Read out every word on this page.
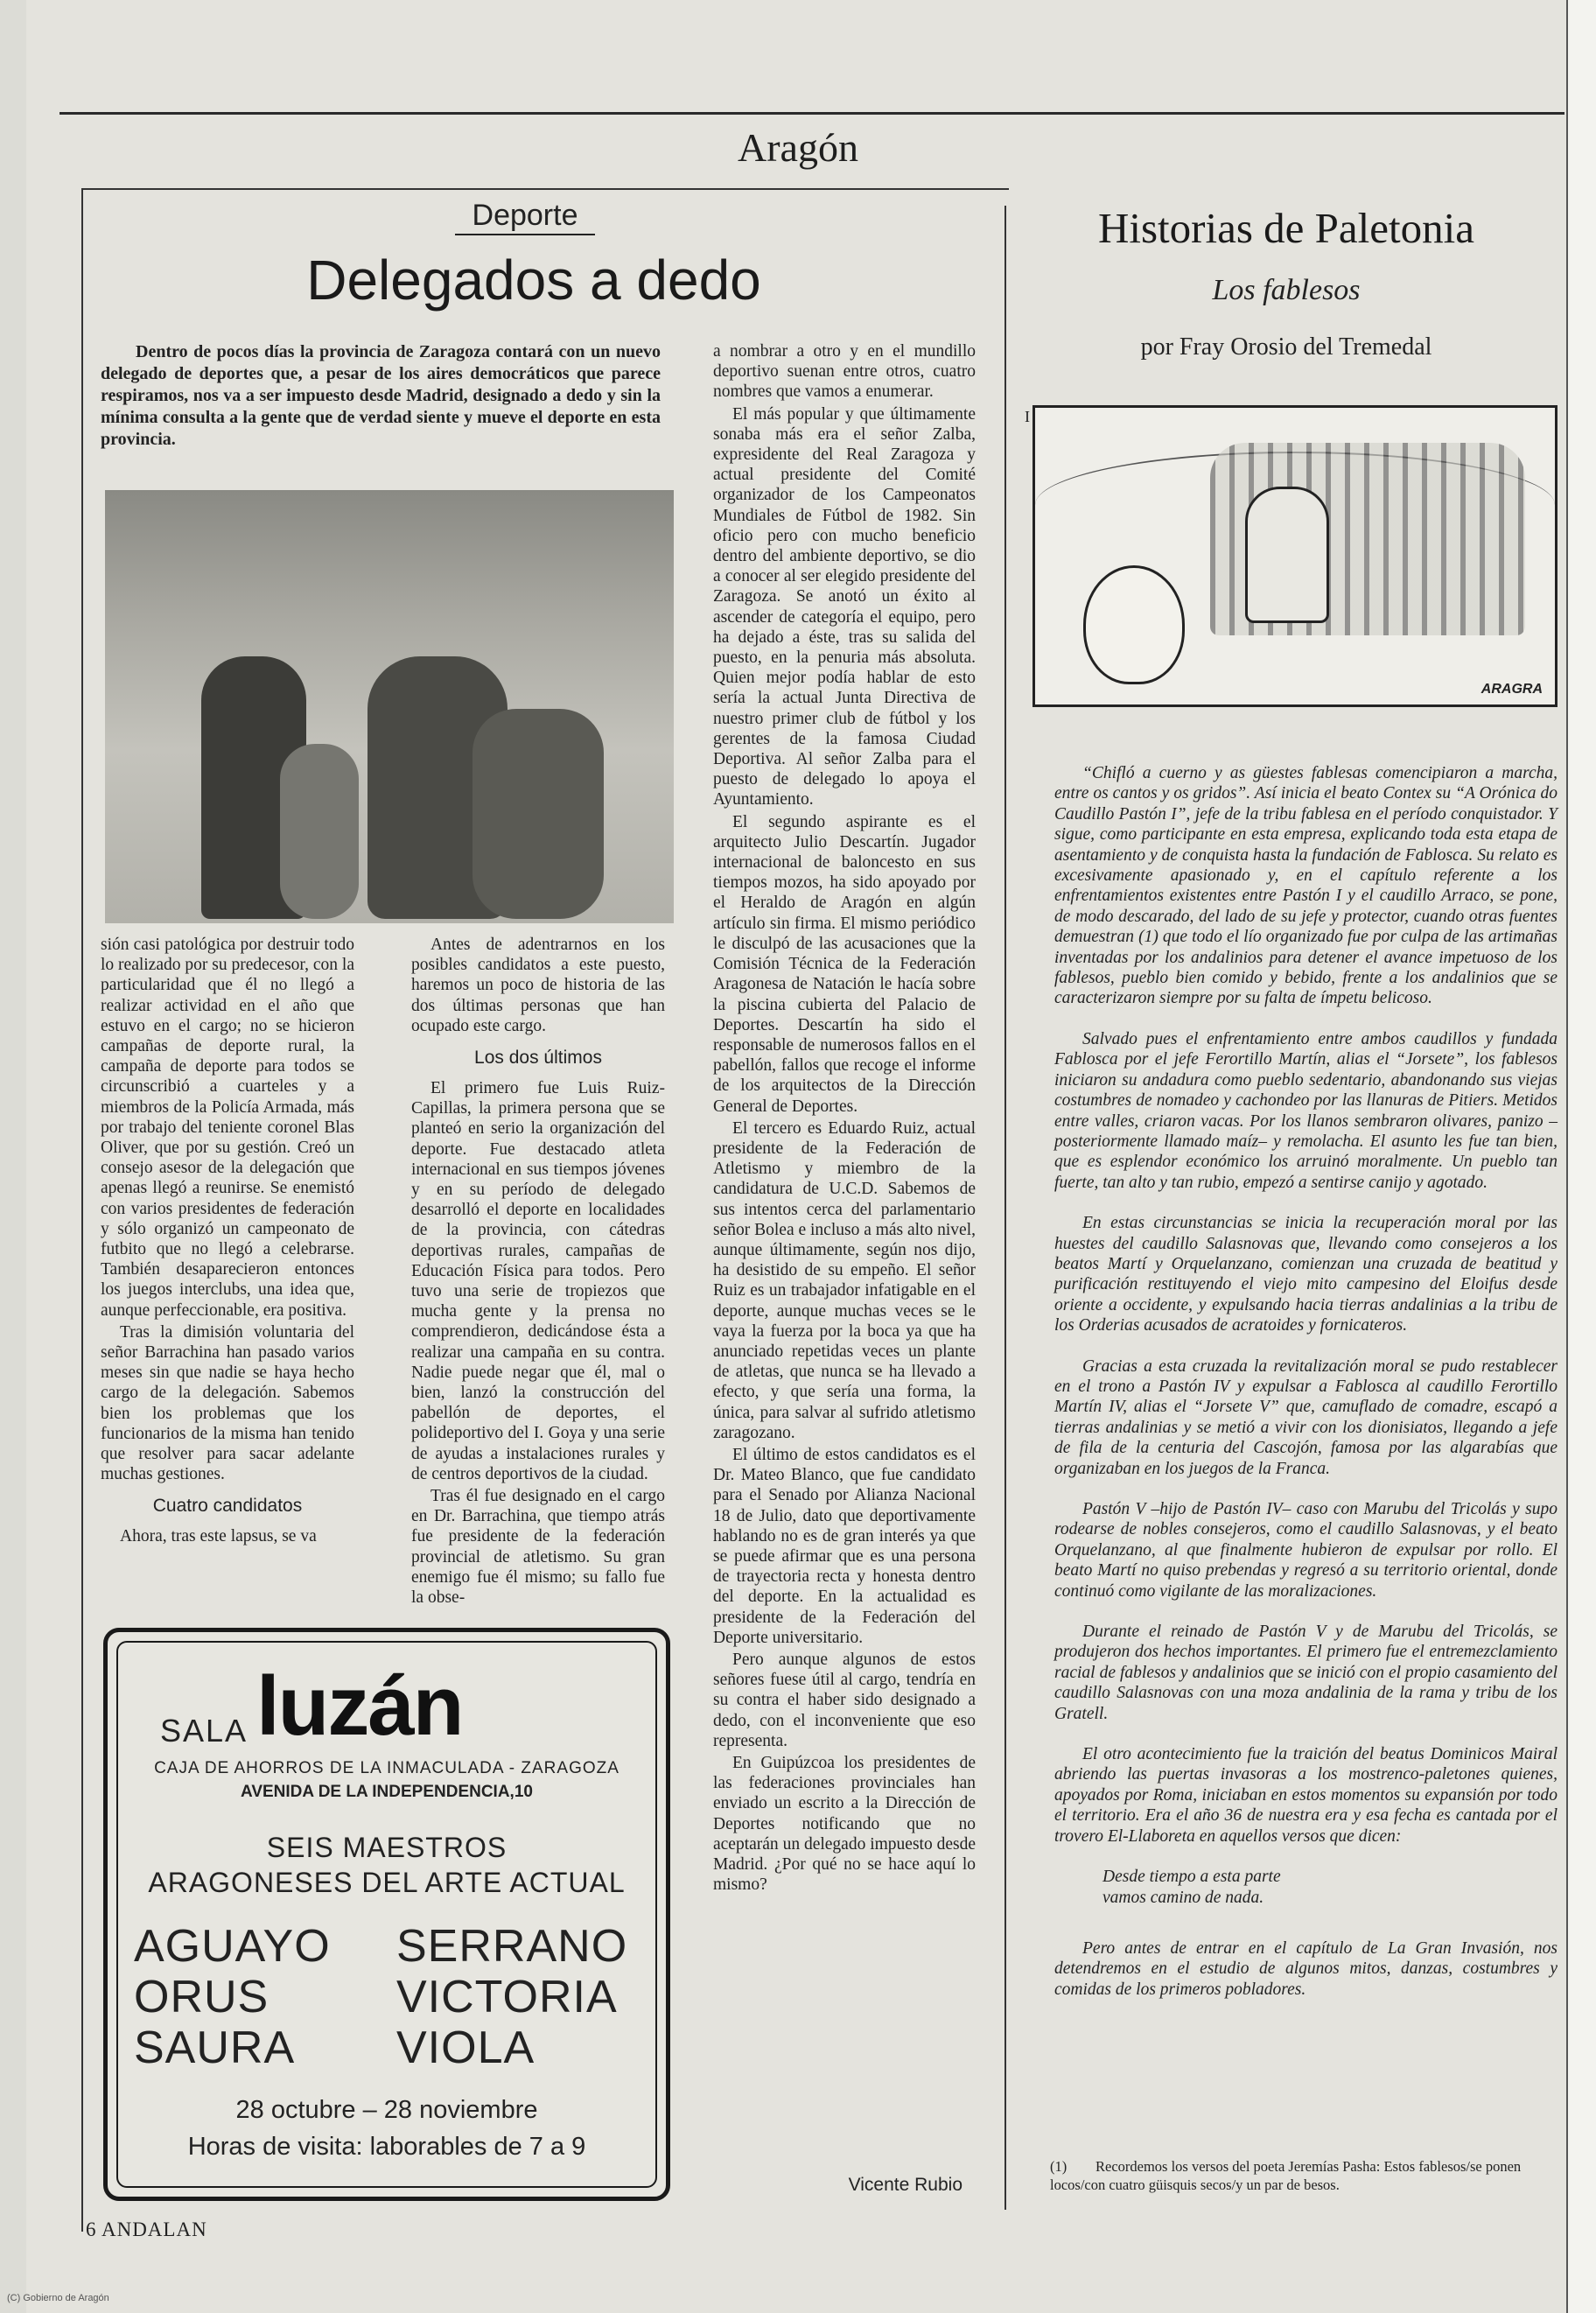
Aragón
Deporte
Delegados a dedo
Dentro de pocos días la provincia de Zaragoza contará con un nuevo delegado de deportes que, a pesar de los aires democráticos que parece respiramos, nos va a ser impuesto desde Madrid, designado a dedo y sin la mínima consulta a la gente que de verdad siente y mueve el deporte en esta provincia.

sión casi patológica por destruir todo lo realizado por su predecesor, con la particularidad que él no llegó a realizar actividad en el año que estuvo en el cargo; no se hicieron campañas de deporte rural, la campaña de deporte para todos se circunscribió a cuarteles y a miembros de la Policía Armada, más por trabajo del teniente coronel Blas Oliver, que por su gestión. Creó un consejo asesor de la delegación que apenas llegó a reunirse. Se enemistó con varios presidentes de federación y sólo organizó un campeonato de futbito que no llegó a celebrarse. También desaparecieron entonces los juegos interclubs, una idea que, aunque perfeccionable, era positiva.

Tras la dimisión voluntaria del señor Barrachina han pasado varios meses sin que nadie se haya hecho cargo de la delegación. Sabemos bien los problemas que los funcionarios de la misma han tenido que resolver para sacar adelante muchas gestiones.

Cuatro candidatos

Ahora, tras este lapsus, se va

Antes de adentrarnos en los posibles candidatos a este puesto, haremos un poco de historia de las dos últimas personas que han ocupado este cargo.

Los dos últimos

El primero fue Luis Ruiz-Capillas, la primera persona que se planteó en serio la organización del deporte. Fue destacado atleta internacional en sus tiempos jóvenes y en su período de delegado desarrolló el deporte en localidades de la provincia, con cátedras deportivas rurales, campañas de Educación Física para todos. Pero tuvo una serie de tropiezos que mucha gente y la prensa no comprendieron, dedicándose ésta a realizar una campaña en su contra. Nadie puede negar que él, mal o bien, lanzó la construcción del pabellón de deportes, el polideportivo del I. Goya y una serie de ayudas a instalaciones rurales y de centros deportivos de la ciudad.

Tras él fue designado en el cargo en Dr. Barrachina, que tiempo atrás fue presidente de la federación provincial de atletismo. Su gran enemigo fue él mismo; su fallo fue la obse-

a nombrar a otro y en el mundillo deportivo suenan entre otros, cuatro nombres que vamos a enumerar.

El más popular y que últimamente sonaba más era el señor Zalba, expresidente del Real Zaragoza y actual presidente del Comité organizador de los Campeonatos Mundiales de Fútbol de 1982. Sin oficio pero con mucho beneficio dentro del ambiente deportivo, se dio a conocer al ser elegido presidente del Zaragoza. Se anotó un éxito al ascender de categoría el equipo, pero ha dejado a éste, tras su salida del puesto, en la penuria más absoluta. Quien mejor podía hablar de esto sería la actual Junta Directiva de nuestro primer club de fútbol y los gerentes de la famosa Ciudad Deportiva. Al señor Zalba para el puesto de delegado lo apoya el Ayuntamiento.

El segundo aspirante es el arquitecto Julio Descartín. Jugador internacional de baloncesto en sus tiempos mozos, ha sido apoyado por el Heraldo de Aragón en algún artículo sin firma. El mismo periódico le disculpó de las acusaciones que la Comisión Técnica de la Federación Aragonesa de Natación le hacía sobre la piscina cubierta del Palacio de Deportes. Descartín ha sido el responsable de numerosos fallos en el pabellón, fallos que recoge el informe de los arquitectos de la Dirección General de Deportes.

El tercero es Eduardo Ruiz, actual presidente de la Federación de Atletismo y miembro de la candidatura de U.C.D. Sabemos de sus intentos cerca del parlamentario señor Bolea e incluso a más alto nivel, aunque últimamente, según nos dijo, ha desistido de su empeño. El señor Ruiz es un trabajador infatigable en el deporte, aunque muchas veces se le vaya la fuerza por la boca ya que ha anunciado repetidas veces un plante de atletas, que nunca se ha llevado a efecto, y que sería una forma, la única, para salvar al sufrido atletismo zaragozano.

El último de estos candidatos es el Dr. Mateo Blanco, que fue candidato para el Senado por Alianza Nacional 18 de Julio, dato que deportivamente hablando no es de gran interés ya que se puede afirmar que es una persona de trayectoria recta y honesta dentro del deporte. En la actualidad es presidente de la Federación del Deporte universitario.

Pero aunque algunos de estos señores fuese útil al cargo, tendría en su contra el haber sido designado a dedo, con el inconveniente que eso representa.

En Guipúzcoa los presidentes de las federaciones provinciales han enviado un escrito a la Dirección de Deportes notificando que no aceptarán un delegado impuesto desde Madrid. ¿Por qué no se hace aquí lo mismo?

Vicente Rubio
SALA luzán
CAJA DE AHORROS DE LA INMACULADA - ZARAGOZA
AVENIDA DE LA INDEPENDENCIA,10
SEIS MAESTROS
ARAGONESES DEL ARTE ACTUAL
AGUAYO
ORUS
SAURA
SERRANO
VICTORIA
VIOLA
28 octubre – 28 noviembre
Horas de visita: laborables de 7 a 9
Historias de Paletonia
Los fablesos
por Fray Orosio del Tremedal
I
ARAGRA

“Chifló a cuerno y as güestes fablesas comencipiaron a marcha, entre os cantos y os gridos”. Así inicia el beato Contex su “A Orónica do Caudillo Pastón I”, jefe de la tribu fablesa en el período conquistador. Y sigue, como participante en esta empresa, explicando toda esta etapa de asentamiento y de conquista hasta la fundación de Fablosca. Su relato es excesivamente apasionado y, en el capítulo referente a los enfrentamientos existentes entre Pastón I y el caudillo Arraco, se pone, de modo descarado, del lado de su jefe y protector, cuando otras fuentes demuestran (1) que todo el lío organizado fue por culpa de las artimañas inventadas por los andalinios para detener el avance impetuoso de los fablesos, pueblo bien comido y bebido, frente a los andalinios que se caracterizaron siempre por su falta de ímpetu belicoso.

Salvado pues el enfrentamiento entre ambos caudillos y fundada Fablosca por el jefe Ferortillo Martín, alias el “Jorsete”, los fablesos iniciaron su andadura como pueblo sedentario, abandonando sus viejas costumbres de nomadeo y cachondeo por las llanuras de Pitiers. Metidos entre valles, criaron vacas. Por los llanos sembraron olivares, panizo –posteriormente llamado maíz– y remolacha. El asunto les fue tan bien, que es esplendor económico los arruinó moralmente. Un pueblo tan fuerte, tan alto y tan rubio, empezó a sentirse canijo y agotado.

En estas circunstancias se inicia la recuperación moral por las huestes del caudillo Salasnovas que, llevando como consejeros a los beatos Martí y Orquelanzano, comienzan una cruzada de beatitud y purificación restituyendo el viejo mito campesino del Eloifus desde oriente a occidente, y expulsando hacia tierras andalinias a la tribu de los Orderias acusados de acratoides y fornicateros.

Gracias a esta cruzada la revitalización moral se pudo restablecer en el trono a Pastón IV y expulsar a Fablosca al caudillo Ferortillo Martín IV, alias el “Jorsete V” que, camuflado de comadre, escapó a tierras andalinias y se metió a vivir con los dionisiatos, llegando a jefe de fila de la centuria del Cascojón, famosa por las algarabías que organizaban en los juegos de la Franca.

Pastón V –hijo de Pastón IV– caso con Marubu del Tricolás y supo rodearse de nobles consejeros, como el caudillo Salasnovas, y el beato Orquelanzano, al que finalmente hubieron de expulsar por rollo. El beato Martí no quiso prebendas y regresó a su territorio oriental, donde continuó como vigilante de las moralizaciones.

Durante el reinado de Pastón V y de Marubu del Tricolás, se produjeron dos hechos importantes. El primero fue el entremezclamiento racial de fablesos y andalinios que se inició con el propio casamiento del caudillo Salasnovas con una moza andalinia de la rama y tribu de los Gratell.

El otro acontecimiento fue la traición del beatus Dominicos Mairal abriendo las puertas invasoras a los mostrenco-paletones quienes, apoyados por Roma, iniciaban en estos momentos su expansión por todo el territorio. Era el año 36 de nuestra era y esa fecha es cantada por el trovero El-Llaboreta en aquellos versos que dicen:

Desde tiempo a esta parte
vamos camino de nada.

Pero antes de entrar en el capítulo de La Gran Invasión, nos detendremos en el estudio de algunos mitos, danzas, costumbres y comidas de los primeros pobladores.

(1) Recordemos los versos del poeta Jeremías Pasha: Estos fablesos/se ponen locos/con cuatro güisquis secos/y un par de besos.
6 ANDALAN
(C) Gobierno de Aragón
